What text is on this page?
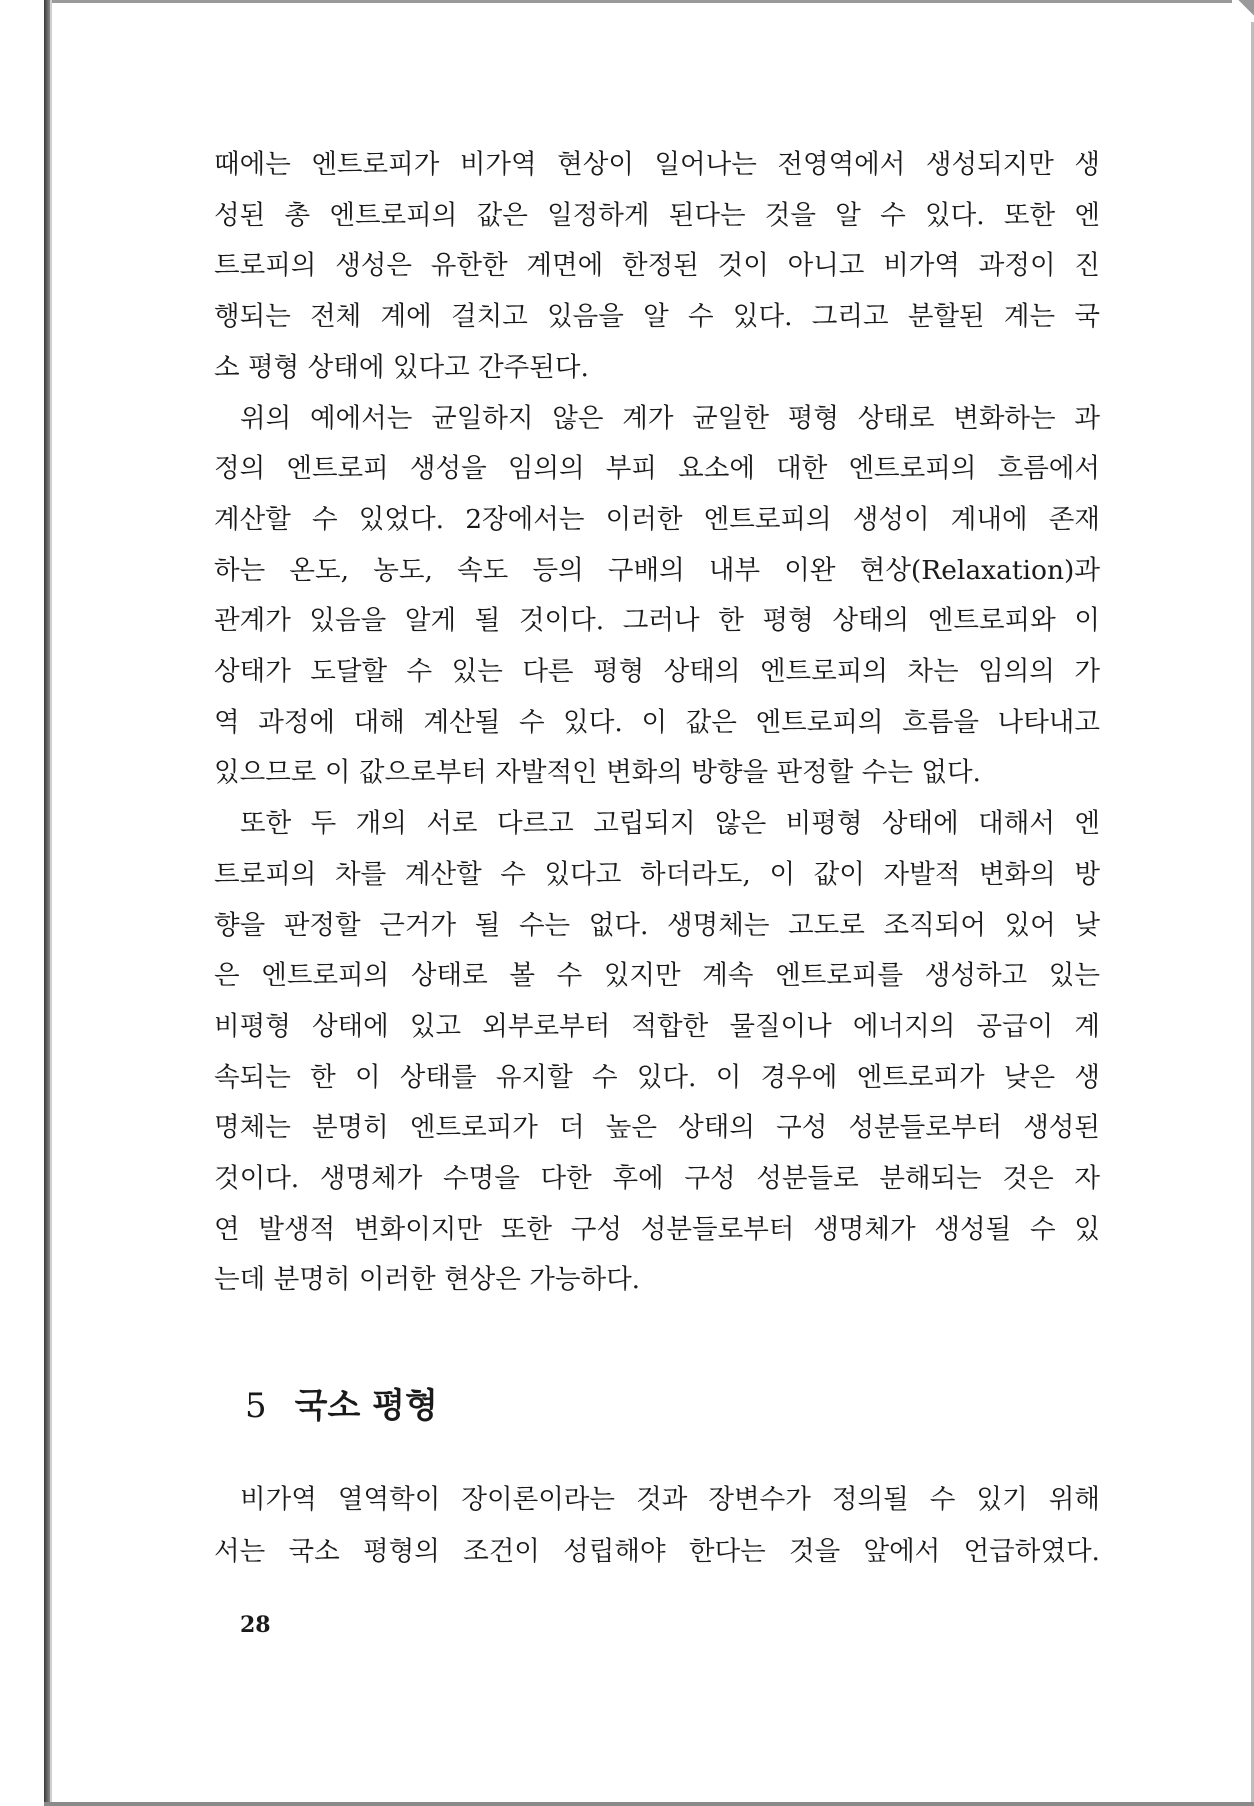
때에는 엔트로피가 비가역 현상이 일어나는 전영역에서 생성되지만 생

성된 총 엔트로피의 값은 일정하게 된다는 것을 알 수 있다. 또한 엔

트로피의 생성은 유한한 계면에 한정된 것이 아니고 비가역 과정이 진

행되는 전체 계에 걸치고 있음을 알 수 있다. 그리고 분할된 계는 국

소 평형 상태에 있다고 간주된다.

위의 예에서는 균일하지 않은 계가 균일한 평형 상태로 변화하는 과

정의 엔트로피 생성을 임의의 부피 요소에 대한 엔트로피의 흐름에서

계산할 수 있었다. 2장에서는 이러한 엔트로피의 생성이 계내에 존재

하는 온도, 농도, 속도 등의 구배의 내부 이완 현상(Relaxation)과

관계가 있음을 알게 될 것이다. 그러나 한 평형 상태의 엔트로피와 이

상태가 도달할 수 있는 다른 평형 상태의 엔트로피의 차는 임의의 가

역 과정에 대해 계산될 수 있다. 이 값은 엔트로피의 흐름을 나타내고

있으므로 이 값으로부터 자발적인 변화의 방향을 판정할 수는 없다.

또한 두 개의 서로 다르고 고립되지 않은 비평형 상태에 대해서 엔

트로피의 차를 계산할 수 있다고 하더라도, 이 값이 자발적 변화의 방

향을 판정할 근거가 될 수는 없다. 생명체는 고도로 조직되어 있어 낮

은 엔트로피의 상태로 볼 수 있지만 계속 엔트로피를 생성하고 있는

비평형 상태에 있고 외부로부터 적합한 물질이나 에너지의 공급이 계

속되는 한 이 상태를 유지할 수 있다. 이 경우에 엔트로피가 낮은 생

명체는 분명히 엔트로피가 더 높은 상태의 구성 성분들로부터 생성된

것이다. 생명체가 수명을 다한 후에 구성 성분들로 분해되는 것은 자

연 발생적 변화이지만 또한 구성 성분들로부터 생명체가 생성될 수 있

는데 분명히 이러한 현상은 가능하다.

5 국소 평형

비가역 열역학이 장이론이라는 것과 장변수가 정의될 수 있기 위해

서는 국소 평형의 조건이 성립해야 한다는 것을 앞에서 언급하였다.

28
